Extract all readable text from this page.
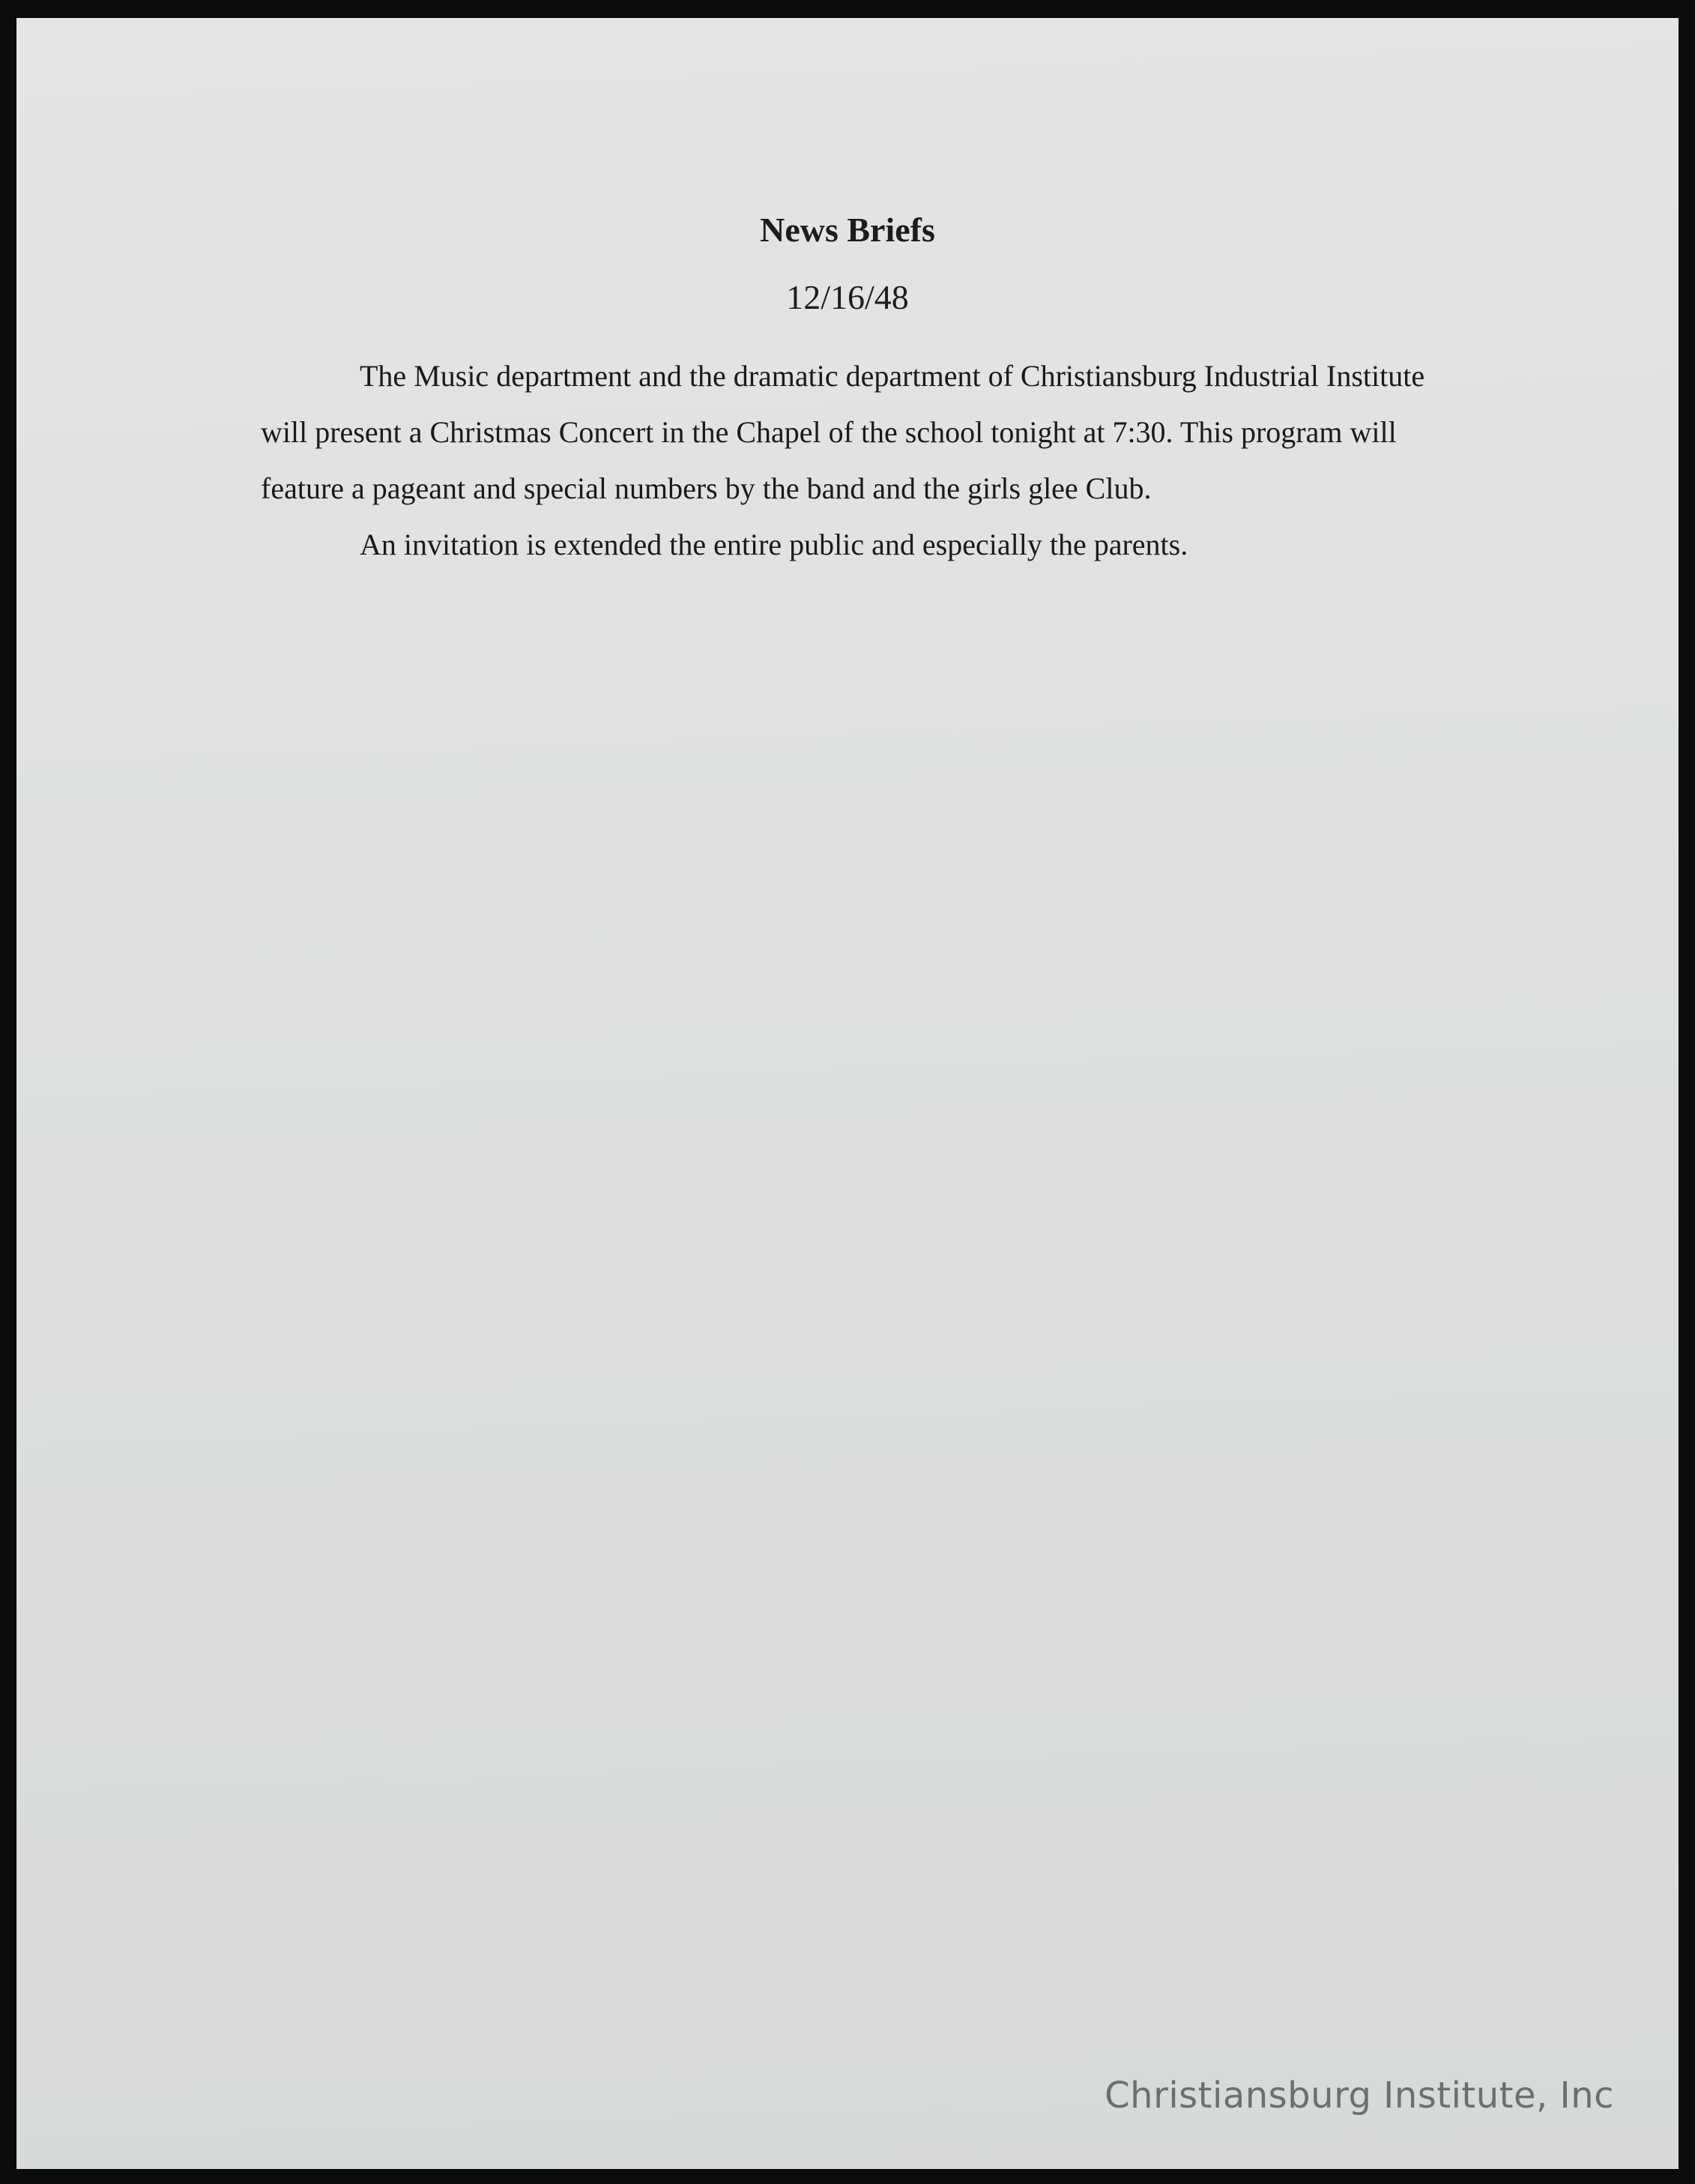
News Briefs
12/16/48

The Music department and the dramatic department of Christiansburg Industrial Institute will present a Christmas Concert in the Chapel of the school tonight at 7:30. This program will feature a pageant and special numbers by the band and the girls glee Club.

An invitation is extended the entire public and especially the parents.

Christiansburg Institute, Inc
